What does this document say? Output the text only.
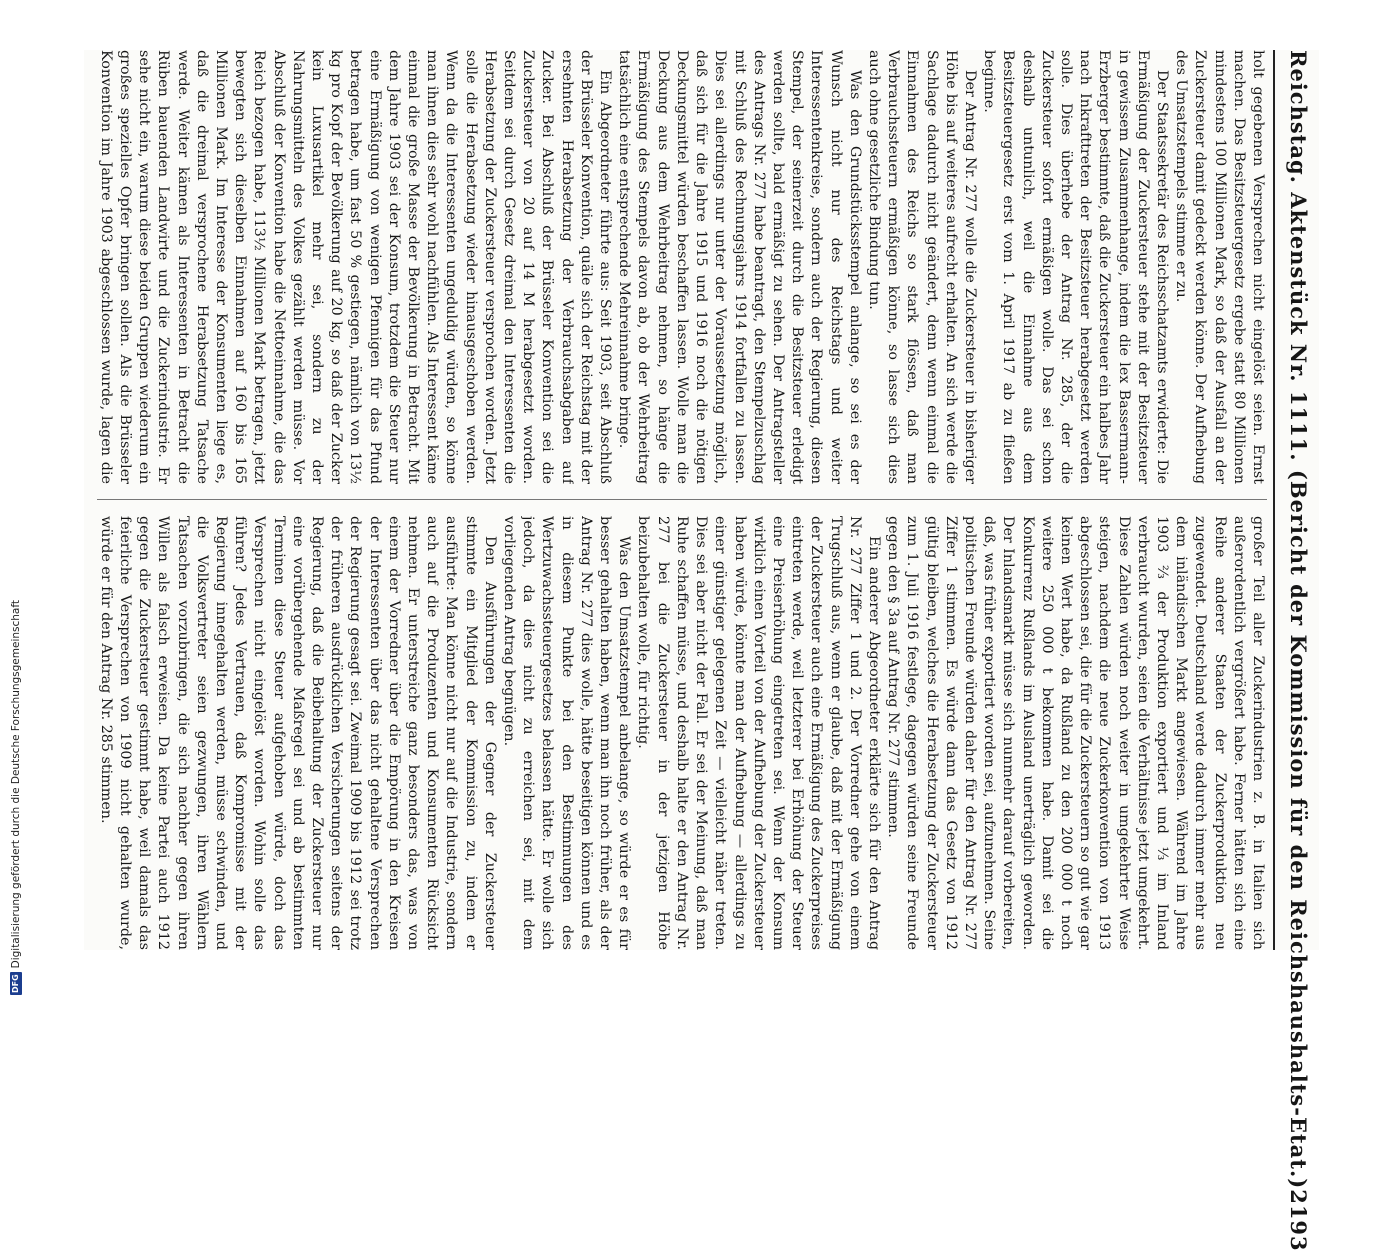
DFG
Digitalisierung gefördert durch die Deutsche Forschungsgemeinschaft	Reichstag. Aktenstück Nr. 1111. (Bericht der Kommission für den Reichshaushalts-Etat.)
2193

holt gegebenen Versprechen nicht eingelöst seien. Ernst machen. Das Besitzsteuergesetz ergebe statt 80 Millionen mindestens 100 Millionen Mark, so daß der Ausfall an der Zuckersteuer damit gedeckt werden könne. Der Aufhebung des Umsatzstempels stimme er zu.

Der Staatssekretär des Reichsschatzamts erwiderte: Die Ermäßigung der Zuckersteuer stehe mit der Besitzsteuer in gewissem Zusammenhange, indem die lex Bassermann-Erzberger bestimmte, daß die Zuckersteuer ein halbes Jahr nach Inkrafttreten der Besitzsteuer herabgesetzt werden solle. Dies überhebe der Antrag Nr. 285, der die Zuckersteuer sofort ermäßigen wolle. Das sei schon deshalb untunlich, weil die Einnahme aus dem Besitzsteuergesetz erst vom 1. April 1917 ab zu fließen beginne.

Der Antrag Nr. 277 wolle die Zuckersteuer in bisheriger Höhe bis auf weiteres aufrecht erhalten. An sich werde die Sachlage dadurch nicht geändert, denn wenn einmal die Einnahmen des Reichs so stark flössen, daß man Verbrauchssteuern ermäßigen könne, so lasse sich dies auch ohne gesetzliche Bindung tun.

Was den Grundstücksstempel anlange, so sei es der Wunsch nicht nur des Reichstags und weiter Interessentenkreise, sondern auch der Regierung, diesen Stempel, der seinerzeit durch die Besitzsteuer erledigt werden sollte, bald ermäßigt zu sehen. Der Antragsteller des Antrags Nr. 277 habe beantragt, den Stempelzuschlag mit Schluß des Rechnungsjahrs 1914 fortfallen zu lassen. Dies sei allerdings nur unter der Voraussetzung möglich, daß sich für die Jahre 1915 und 1916 noch die nötigen Deckungsmittel würden beschaffen lassen. Wolle man die Deckung aus dem Wehrbeitrag nehmen, so hänge die Ermäßigung des Stempels davon ab, ob der Wehrbeitrag tatsächlich eine entsprechende Mehreinnahme bringe.

Ein Abgeordneter führte aus: Seit 1903, seit Abschluß der Brüsseler Konvention, quäle sich der Reichstag mit der ersehnten Herabsetzung der Verbrauchsabgaben auf Zucker. Bei Abschluß der Brüsseler Konvention sei die Zuckersteuer von 20 auf 14 M herabgesetzt worden. Seitdem sei durch Gesetz dreimal den Interessenten die Herabsetzung der Zuckersteuer versprochen worden. Jetzt solle die Herabsetzung wieder hinausgeschoben werden. Wenn da die Interessenten ungeduldig würden, so könne man ihnen dies sehr wohl nachfühlen. Als Interessent käme einmal die große Masse der Bevölkerung in Betracht. Mit dem Jahre 1903 sei der Konsum, trotzdem die Steuer nur eine Ermäßigung von wenigen Pfennigen für das Pfund betragen habe, um fast 50 % gestiegen, nämlich von 13½ kg pro Kopf der Bevölkerung auf 20 kg, so daß der Zucker kein Luxusartikel mehr sei, sondern zu der Nahrungsmitteln des Volkes gezählt werden müsse. Vor Abschluß der Konvention habe die Nettoeinnahme, die das Reich bezogen habe, 113½ Millionen Mark betragen, jetzt bewegten sich dieselben Einnahmen auf 160 bis 165 Millionen Mark. Im Interesse der Konsumenten liege es, daß die dreimal versprochene Herabsetzung Tatsache werde. Weiter kämen als Interessenten in Betracht die Rüben bauenden Landwirte und die Zuckerindustrie. Er sehe nicht ein, warum diese beiden Gruppen wiederum ein großes spezielles Opfer bringen sollen. Als die Brüsseler Konvention im Jahre 1903 abgeschlossen wurde, lagen die

großer Teil aller Zuckerindustrien z. B. in Italien sich außerordentlich vergrößert habe. Ferner hätten sich eine Reihe anderer Staaten der Zuckerproduktion neu zugewendet. Deutschland werde dadurch immer mehr aus dem inländischen Markt angewiesen. Während im Jahre 1903 ⅔ der Produktion exportiert und ⅓ im Inland verbraucht wurden, seien die Verhältnisse jetzt umgekehrt. Diese Zahlen würden noch weiter in umgekehrter Weise steigen, nachdem die neue Zuckerkonvention von 1913 abgeschlossen sei, die für die Zuckersteuern so gut wie gar keinen Wert habe, da Rußland zu den 200 000 t noch weitere 250 000 t bekommen habe. Damit sei die Konkurrenz Rußlands im Ausland unerträglich geworden. Der Inlandsmarkt müsse sich nunmehr darauf vorbereiten, daß, was früher exportiert worden sei, aufzunehmen. Seine politischen Freunde würden daher für den Antrag Nr. 277 Ziffer 1 stimmen. Es würde dann das Gesetz von 1912 gültig bleiben, welches die Herabsetzung der Zuckersteuer zum 1. Juli 1916 festlege, dagegen würden seine Freunde gegen den § 3a auf Antrag Nr. 277 stimmen.

Ein anderer Abgeordneter erklärte sich für den Antrag Nr. 277 Ziffer 1 und 2. Der Vorredner gehe von einem Trugschluß aus, wenn er glaube, daß mit der Ermäßigung der Zuckersteuer auch eine Ermäßigung des Zuckerpreises eintreten werde, weil letzterer bei Erhöhung der Steuer eine Preiserhöhung eingetreten sei. Wenn der Konsum wirklich einen Vorteil von der Aufhebung der Zuckersteuer haben würde, könnte man der Aufhebung — allerdings zu einer günstiger gelegenen Zeit — vielleicht näher treten. Dies sei aber nicht der Fall. Er sei der Meinung, daß man Ruhe schaffen müsse, und deshalb halte er den Antrag Nr. 277 bei die Zuckersteuer in der jetzigen Höhe beizubehalten wolle, für richtig.

Was den Umsatzstempel anbelange, so würde er es für besser gehalten haben, wenn man ihn noch früher, als der Antrag Nr. 277 dies wolle, hätte beseitigen können und es in diesem Punkte bei den Bestimmungen des Wertzuwachssteuergesetzes belassen hätte. Er wolle sich jedoch, da dies nicht zu erreichen sei, mit dem vorliegenden Antrag begnügen.

Den Ausführungen der Gegner der Zuckersteuer stimmte ein Mitglied der Kommission zu, indem er ausführte: Man könne nicht nur auf die Industrie, sondern auch auf die Produzenten und Konsumenten Rücksicht nehmen. Er unterstreiche ganz besonders das, was von einem der Vorredner über die Empörung in den Kreisen der Interessenten über das nicht gehaltene Versprechen der Regierung gesagt sei. Zweimal 1909 bis 1912 sei trotz der früheren ausdrücklichen Versicherungen seitens der Regierung, daß die Beibehaltung der Zuckersteuer nur eine vorübergehende Maßregel sei und ab bestimmten Terminen diese Steuer aufgehoben würde, doch das Versprechen nicht eingelöst worden. Wohin solle das führen? Jedes Vertrauen, daß Kompromisse mit der Regierung innegehalten werden, müsse schwinden, und die Volksvertreter seien gezwungen, ihren Wählern Tatsachen vorzubringen, die sich nachher gegen ihren Willen als falsch erweisen. Da keine Partei auch 1912 gegen die Zuckersteuer gestimmt habe, weil damals das feierliche Versprechen von 1909 nicht gehalten wurde, würde er für den Antrag Nr. 285 stimmen.
